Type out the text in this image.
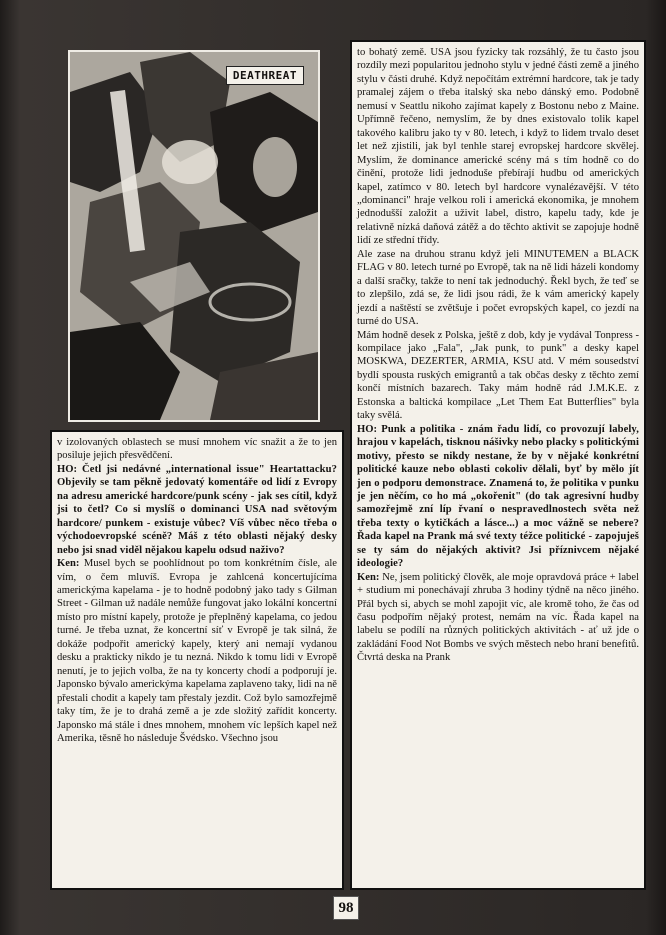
DEATHREAT

v izolovaných oblastech se musí mnohem víc snažit a že to jen posiluje jejich přesvědčení.

HO: Četl jsi nedávné „international issue" Heartattacku? Objevily se tam pěkně jedovatý komentáře od lidí z Evropy na adresu americké hardcore/punk scény - jak ses cítil, když jsi to četl? Co si myslíš o dominanci USA nad světovým hardcore/ punkem - existuje vůbec? Víš vůbec něco třeba o východoevropské scéně? Máš z této oblasti nějaký desky nebo jsi snad viděl nějakou kapelu odsud naživo?

Ken: Musel bych se poohlídnout po tom konkrétním čísle, ale vím, o čem mluvíš. Evropa je zahlcená koncertujícíma americkýma kapelama - je to hodně podobný jako tady s Gilman Street - Gilman už nadále nemůže fungovat jako lokální koncertní místo pro místní kapely, protože je přeplněný kapelama, co jedou turné. Je třeba uznat, že koncertní síť v Evropě je tak silná, že dokáže podpořit americký kapely, který ani nemají vydanou desku a prakticky nikdo je tu nezná. Nikdo k tomu lidi v Evropě nenutí, je to jejich volba, že na ty koncerty chodí a podporují je. Japonsko bývalo americkýma kapelama zaplaveno taky, lidi na ně přestali chodit a kapely tam přestaly jezdit. Což bylo samozřejmě taky tím, že je to drahá země a je zde složitý zařídit koncerty. Japonsko má stále i dnes mnohem, mnohem víc lepších kapel než Amerika, těsně ho následuje Švédsko. Všechno jsou

to bohatý země. USA jsou fyzicky tak rozsáhlý, že tu často jsou rozdíly mezi popularitou jednoho stylu v jedné části země a jiného stylu v části druhé. Když nepočítám extrémní hardcore, tak je tady pramalej zájem o třeba italský ska nebo dánský emo. Podobně nemusí v Seattlu nikoho zajímat kapely z Bostonu nebo z Maine. Upřímně řečeno, nemyslím, že by dnes existovalo tolik kapel takového kalibru jako ty v 80. letech, i když to lidem trvalo deset let než zjistili, jak byl tenhle starej evropskej hardcore skvělej. Myslím, že dominance americké scény má s tím hodně co do činění, protože lidi jednoduše přebírají hudbu od amerických kapel, zatímco v 80. letech byl hardcore vynalézavější. V této „dominanci" hraje velkou roli i americká ekonomika, je mnohem jednodušší založit a uživit label, distro, kapelu tady, kde je relativně nízká daňová zátěž a do těchto aktivit se zapojuje hodně lidí ze střední třídy.

Ale zase na druhou stranu když jeli MINUTEMEN a BLACK FLAG v 80. letech turné po Evropě, tak na ně lidi házeli kondomy a další sračky, takže to není tak jednoduchý. Řekl bych, že teď se to zlepšilo, zdá se, že lidi jsou rádi, že k vám americký kapely jezdí a naštěstí se zvětšuje i počet evropských kapel, co jezdí na turné do USA.

Mám hodně desek z Polska, ještě z dob, kdy je vydával Tonpress - kompilace jako „Fala", „Jak punk, to punk" a desky kapel MOSKWA, DEZERTER, ARMIA, KSU atd. V mém sousedství bydlí spousta ruských emigrantů a tak občas desky z těchto zemí končí místních bazarech. Taky mám hodně rád J.M.K.E. z Estonska a baltická kompilace „Let Them Eat Butterflies" byla taky svělá.

HO: Punk a politika - znám řadu lidí, co provozují labely, hrajou v kapelách, tisknou nášivky nebo placky s politickými motivy, přesto se nikdy nestane, že by v nějaké konkrétní politické kauze nebo oblasti cokoliv dělali, byť by mělo jít jen o podporu demonstrace. Znamená to, že politika v punku je jen něčím, co ho má „okořenit" (do tak agresivní hudby samozřejmě zní líp řvaní o nespravedlnostech světa než třeba texty o kytičkách a lásce...) a moc vážně se nebere? Řada kapel na Prank má své texty téžce politické - zapojuješ se ty sám do nějakých aktivit? Jsi příznivcem nějaké ideologie?

Ken: Ne, jsem politický člověk, ale moje opravdová práce + label + studium mi ponechávají zhruba 3 hodiny týdně na něco jiného. Přál bych si, abych se mohl zapojit víc, ale kromě toho, že čas od času podpořím nějaký protest, nemám na víc. Řada kapel na labelu se podílí na různých politických aktivitách - ať už jde o zakládání Food Not Bombs ve svých městech nebo hraní benefitů. Čtvrtá deska na Prank

98
